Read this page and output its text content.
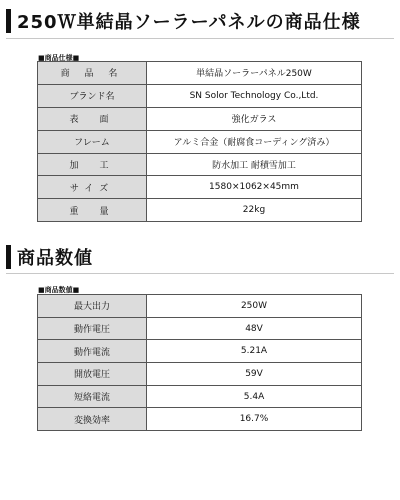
250Ｗ単結晶ソーラーパネルの商品仕様
■商品仕様■
商 品 名	単結晶ソーラーパネル250W
ブランド名	SN Solor Technology Co.,Ltd.
表　面	強化ガラス
フレーム	アルミ合金（耐腐食コーディング済み）
加　工	防水加工 耐積雪加工
サイズ	1580×1062×45mm
重　量	22kg
商品数値
■商品数値■
最大出力	250W
動作電圧	48V
動作電流	5.21A
開放電圧	59V
短絡電流	5.4A
変換効率	16.7%
